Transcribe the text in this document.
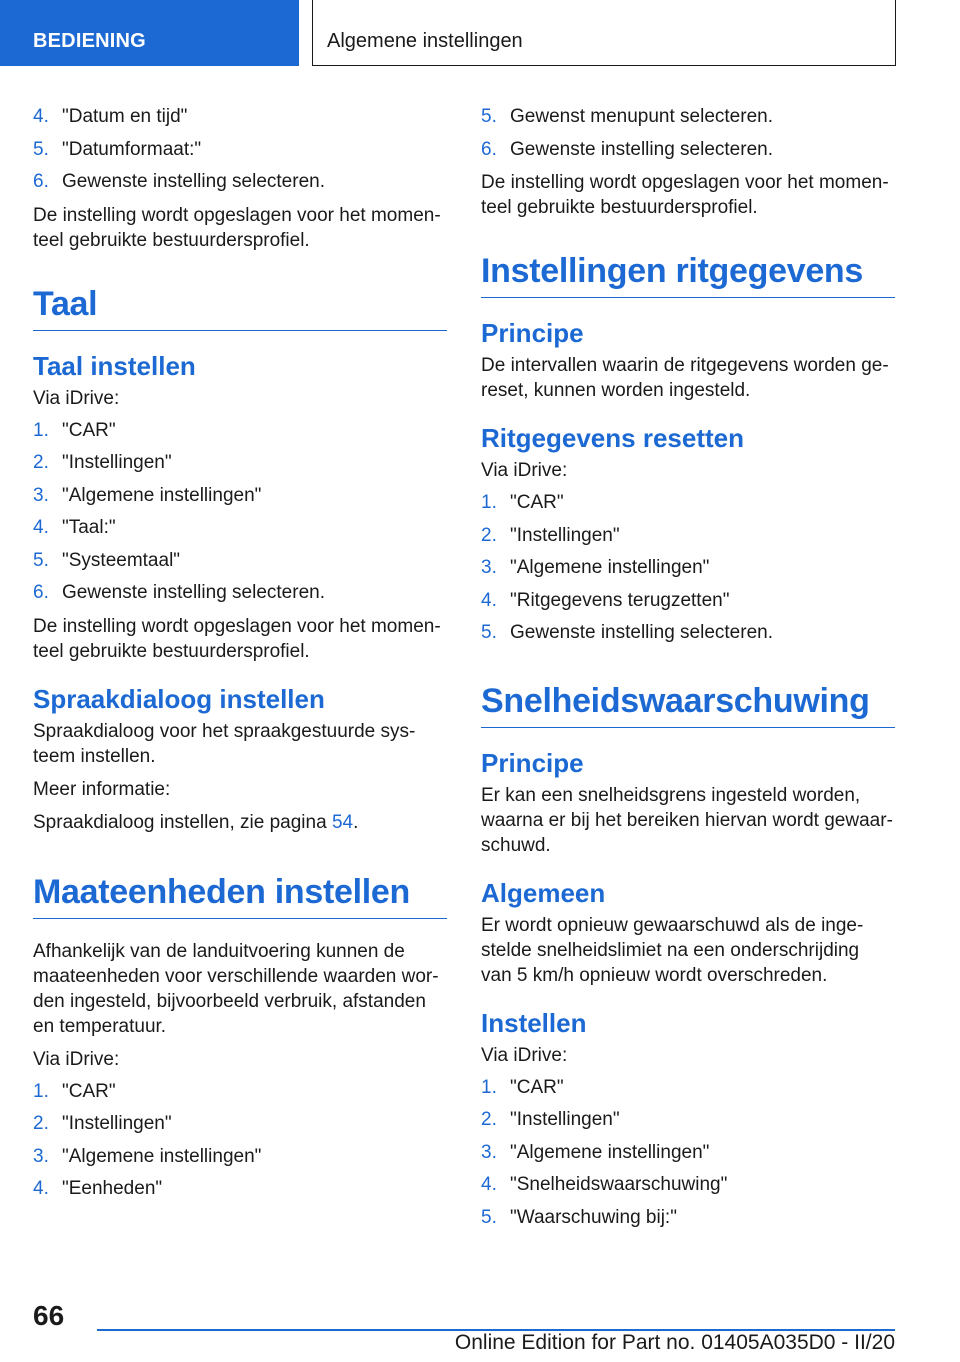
BEDIENING	Algemene instellingen
4. "Datum en tijd"
5. "Datumformaat:"
6. Gewenste instelling selecteren.

De instelling wordt opgeslagen voor het momenteel gebruikte bestuurdersprofiel.

Taal
Taal instellen

Via iDrive:

1. "CAR"
2. "Instellingen"
3. "Algemene instellingen"
4. "Taal:"
5. "Systeemtaal"
6. Gewenste instelling selecteren.

De instelling wordt opgeslagen voor het momenteel gebruikte bestuurdersprofiel.

Spraakdialoog instellen

Spraakdialoog voor het spraakgestuurde systeem instellen.

Meer informatie:

Spraakdialoog instellen, zie pagina 54.

Maateenheden instellen

Afhankelijk van de landuitvoering kunnen de maateenheden voor verschillende waarden worden ingesteld, bijvoorbeeld verbruik, afstanden en temperatuur.

Via iDrive:

1. "CAR"
2. "Instellingen"
3. "Algemene instellingen"
4. "Eenheden"
5. Gewenst menupunt selecteren.
6. Gewenste instelling selecteren.

De instelling wordt opgeslagen voor het momenteel gebruikte bestuurdersprofiel.

Instellingen ritgegevens
Principe

De intervallen waarin de ritgegevens worden gereset, kunnen worden ingesteld.

Ritgegevens resetten

Via iDrive:

1. "CAR"
2. "Instellingen"
3. "Algemene instellingen"
4. "Ritgegevens terugzetten"
5. Gewenste instelling selecteren.
Snelheidswaarschuwing
Principe

Er kan een snelheidsgrens ingesteld worden, waarna er bij het bereiken hiervan wordt gewaarschuwd.

Algemeen

Er wordt opnieuw gewaarschuwd als de ingestelde snelheidslimiet na een onderschrijding van 5 km/h opnieuw wordt overschreden.

Instellen

Via iDrive:

1. "CAR"
2. "Instellingen"
3. "Algemene instellingen"
4. "Snelheidswaarschuwing"
5. "Waarschuwing bij:"
66
Online Edition for Part no. 01405A035D0 - II/20
